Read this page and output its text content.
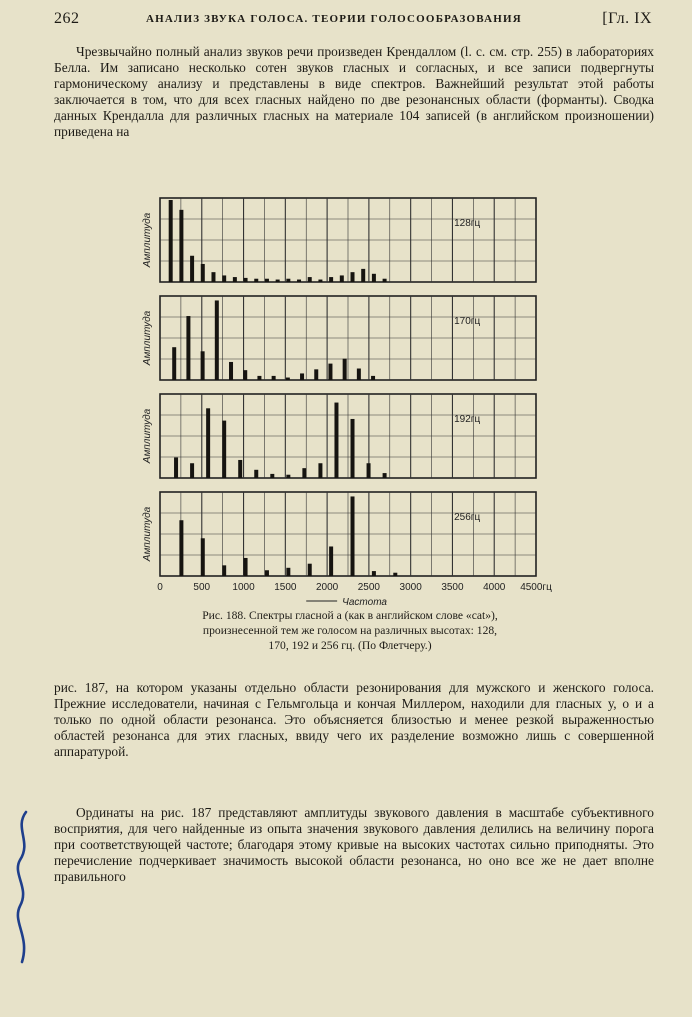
262	АНАЛИЗ ЗВУКА ГОЛОСА. ТЕОРИИ ГОЛОСООБРАЗОВАНИЯ	[Гл. IX
Чрезвычайно полный анализ звуков речи произведен Крендаллом (l. c. см. стр. 255) в лабораториях Белла. Им записано несколько сотен звуков гласных и согласных, и все записи подвергнуты гармоническому анализу и представлены в виде спектров. Важнейший результат этой работы заключается в том, что для всех гласных найдено по две резонансных области (форманты). Сводка данных Крендалла для различных гласных на материале 104 записей (в английском произношении) приведена на
128гц
Амплитуда
170гц
Амплитуда
192гц
Амплитуда
256гц
Амплитуда
0	500 1000 1500 2000 2500 3000 3500 4000 4500гц
Частота
Рис. 188. Спектры гласной a (как в английском слове «cat»),
произнесенной тем же голосом на различных высотах: 128,
170, 192 и 256 гц. (По Флетчеру.)
рис. 187, на котором указаны отдельно области резонирования для мужского и женского голоса. Прежние исследователи, начиная с Гельмгольца и кончая Миллером, находили для гласных у, о и а только по одной области резонанса. Это объясняется близостью и менее резкой выраженностью областей резонанса для этих гласных, ввиду чего их разделение возможно лишь с совершенной аппаратурой.
Ординаты на рис. 187 представляют амплитуды звукового давления в масштабе субъективного восприятия, для чего найденные из опыта значения звукового давления делились на величину порога при соответствующей частоте; благодаря этому кривые на высоких частотах сильно приподняты. Это перечисление подчеркивает значимость высокой области резонанса, но оно все же не дает вполне правильного
